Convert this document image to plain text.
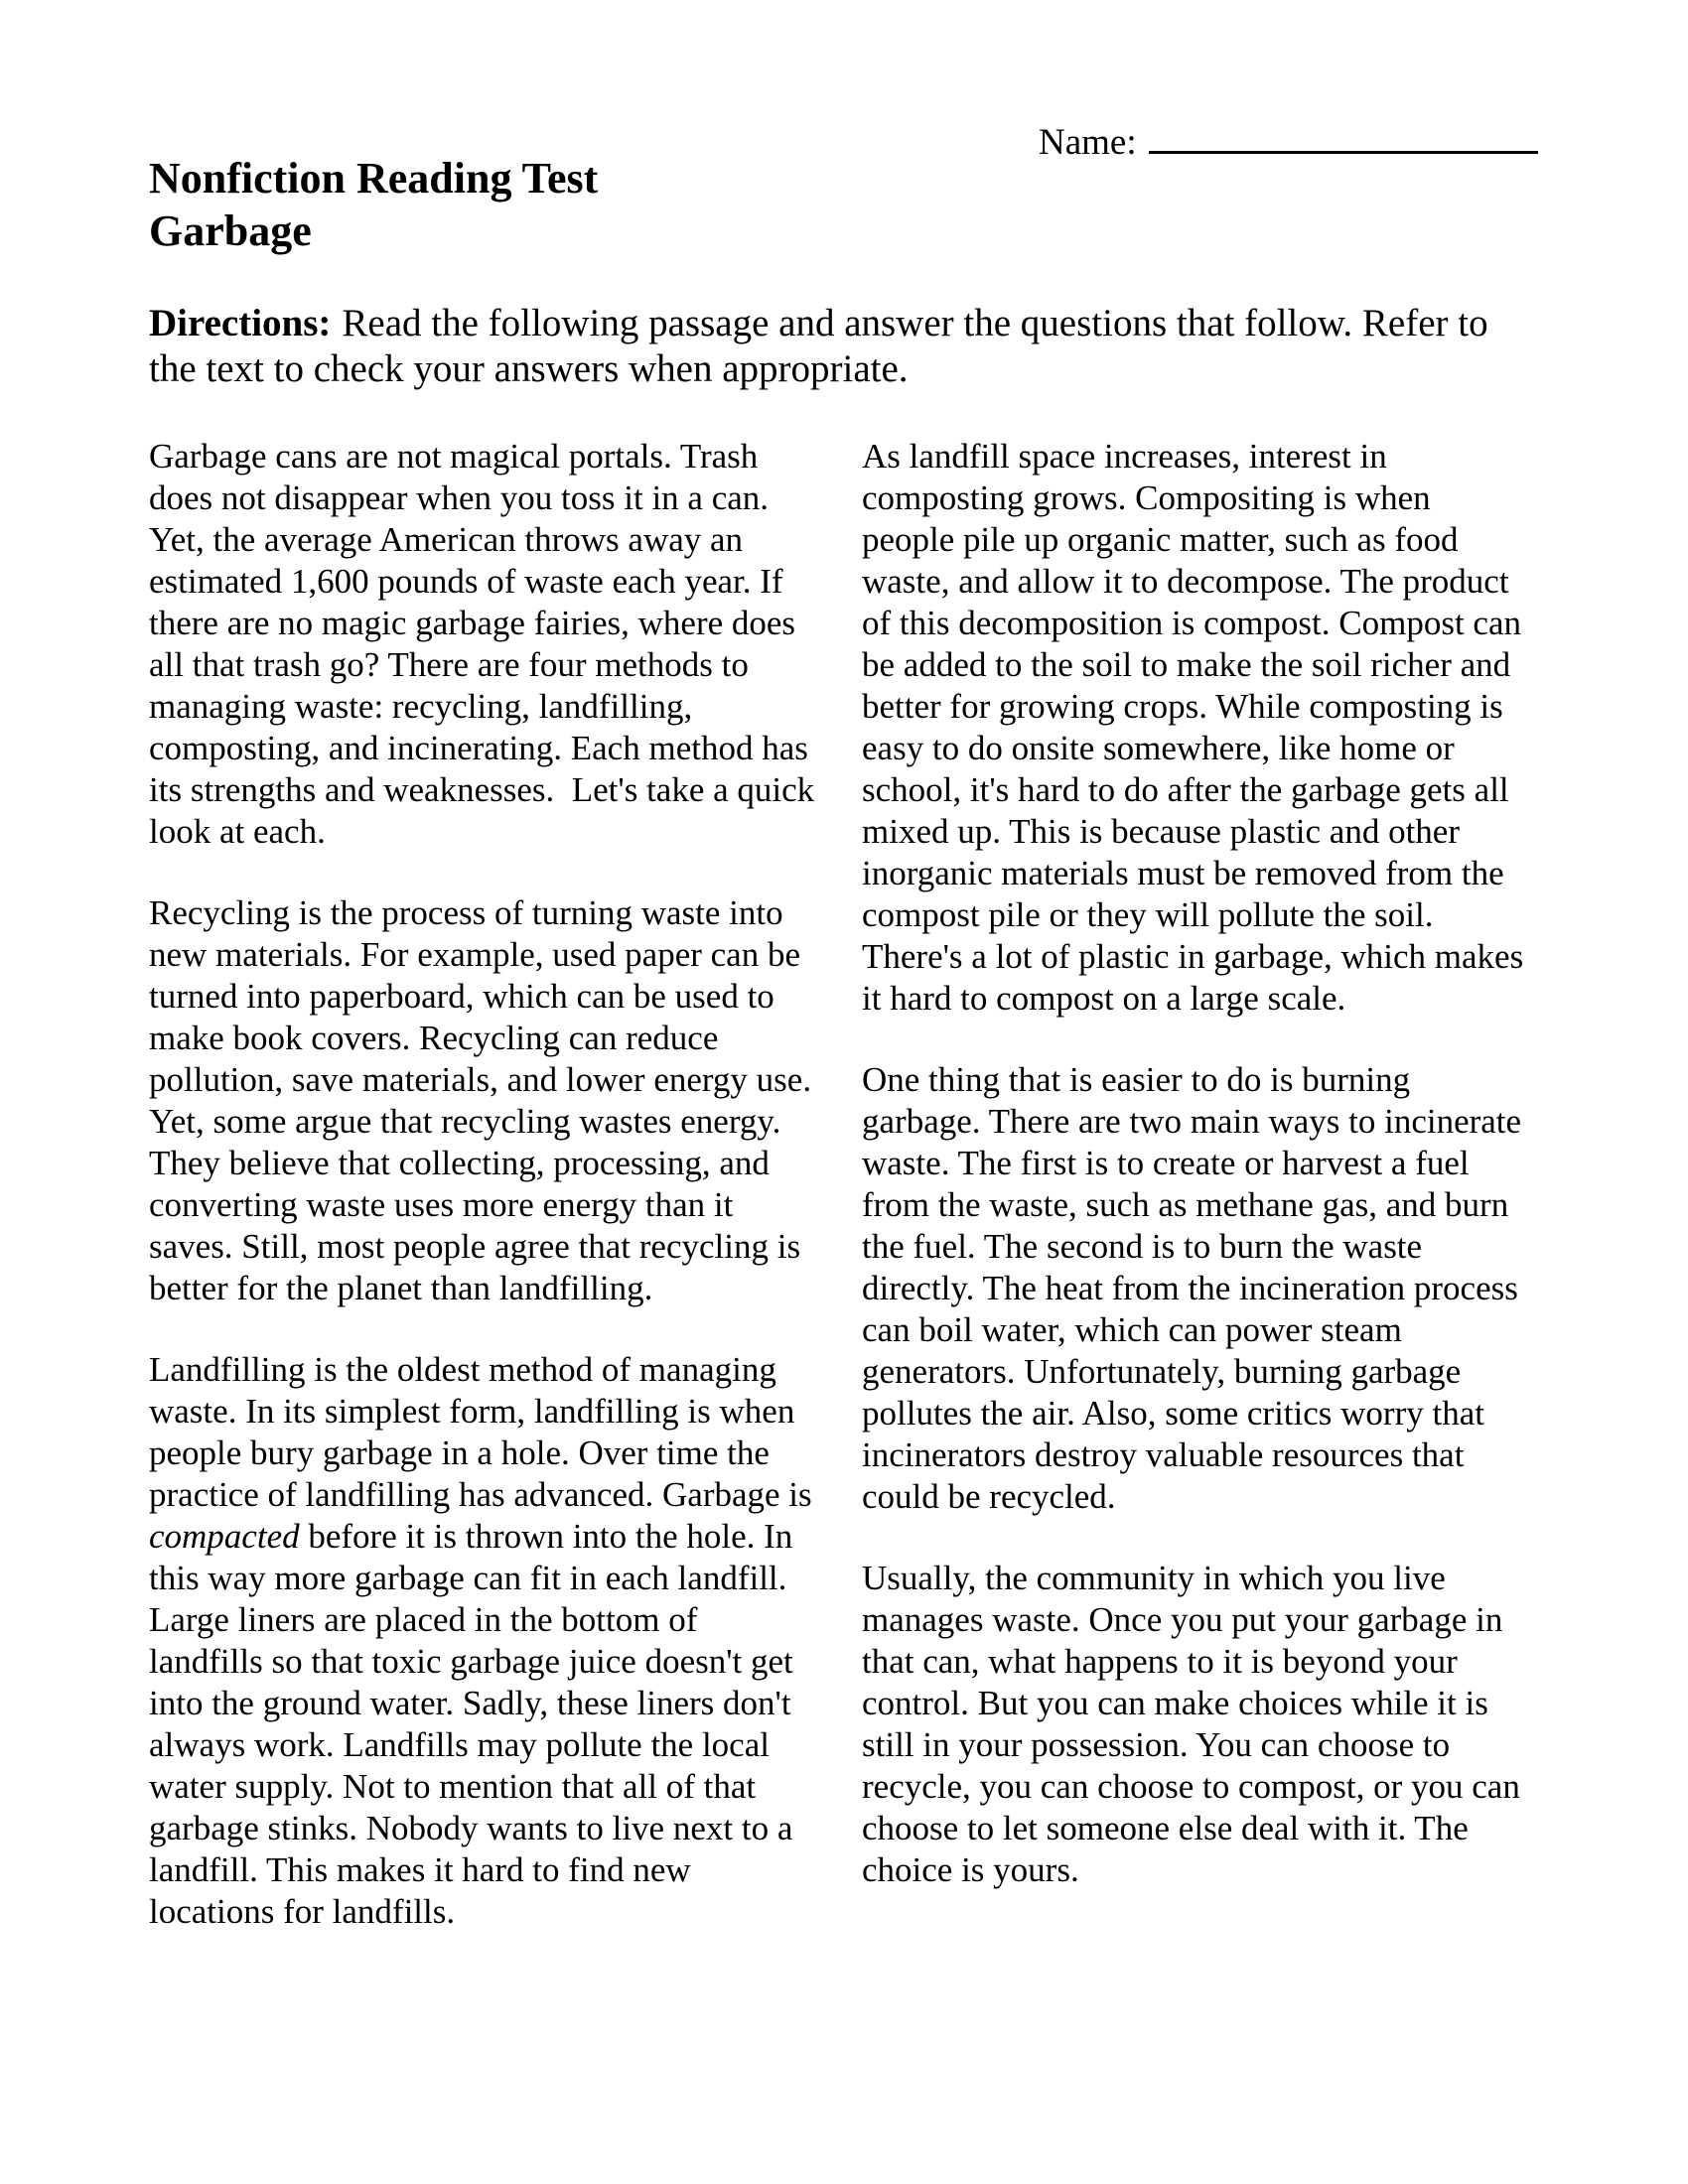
Name:
Nonfiction Reading Test
Garbage

Directions: Read the following passage and answer the questions that follow. Refer to the text to check your answers when appropriate.

Garbage cans are not magical portals. Trash does not disappear when you toss it in a can. Yet, the average American throws away an estimated 1,600 pounds of waste each year. If there are no magic garbage fairies, where does all that trash go? There are four methods to managing waste: recycling, landfilling, composting, and incinerating. Each method has its strengths and weaknesses.  Let's take a quick look at each.

Recycling is the process of turning waste into new materials. For example, used paper can be turned into paperboard, which can be used to make book covers. Recycling can reduce pollution, save materials, and lower energy use.  Yet, some argue that recycling wastes energy. They believe that collecting, processing, and converting waste uses more energy than it saves. Still, most people agree that recycling is better for the planet than landfilling.

Landfilling is the oldest method of managing waste. In its simplest form, landfilling is when people bury garbage in a hole. Over time the practice of landfilling has advanced. Garbage is compacted before it is thrown into the hole. In this way more garbage can fit in each landfill. Large liners are placed in the bottom of landfills so that toxic garbage juice doesn't get into the ground water. Sadly, these liners don't always work. Landfills may pollute the local water supply. Not to mention that all of that garbage stinks. Nobody wants to live next to a landfill. This makes it hard to find new locations for landfills.

As landfill space increases, interest in composting grows. Compositing is when people pile up organic matter, such as food waste, and allow it to decompose. The product of this decomposition is compost. Compost can be added to the soil to make the soil richer and better for growing crops. While composting is easy to do onsite somewhere, like home or school, it's hard to do after the garbage gets all mixed up. This is because plastic and other inorganic materials must be removed from the compost pile or they will pollute the soil. There's a lot of plastic in garbage, which makes it hard to compost on a large scale.

One thing that is easier to do is burning garbage. There are two main ways to incinerate waste. The first is to create or harvest a fuel from the waste, such as methane gas, and burn the fuel. The second is to burn the waste directly. The heat from the incineration process can boil water, which can power steam generators. Unfortunately, burning garbage pollutes the air. Also, some critics worry that incinerators destroy valuable resources that could be recycled.

Usually, the community in which you live manages waste. Once you put your garbage in that can, what happens to it is beyond your control. But you can make choices while it is still in your possession. You can choose to recycle, you can choose to compost, or you can choose to let someone else deal with it. The choice is yours.
